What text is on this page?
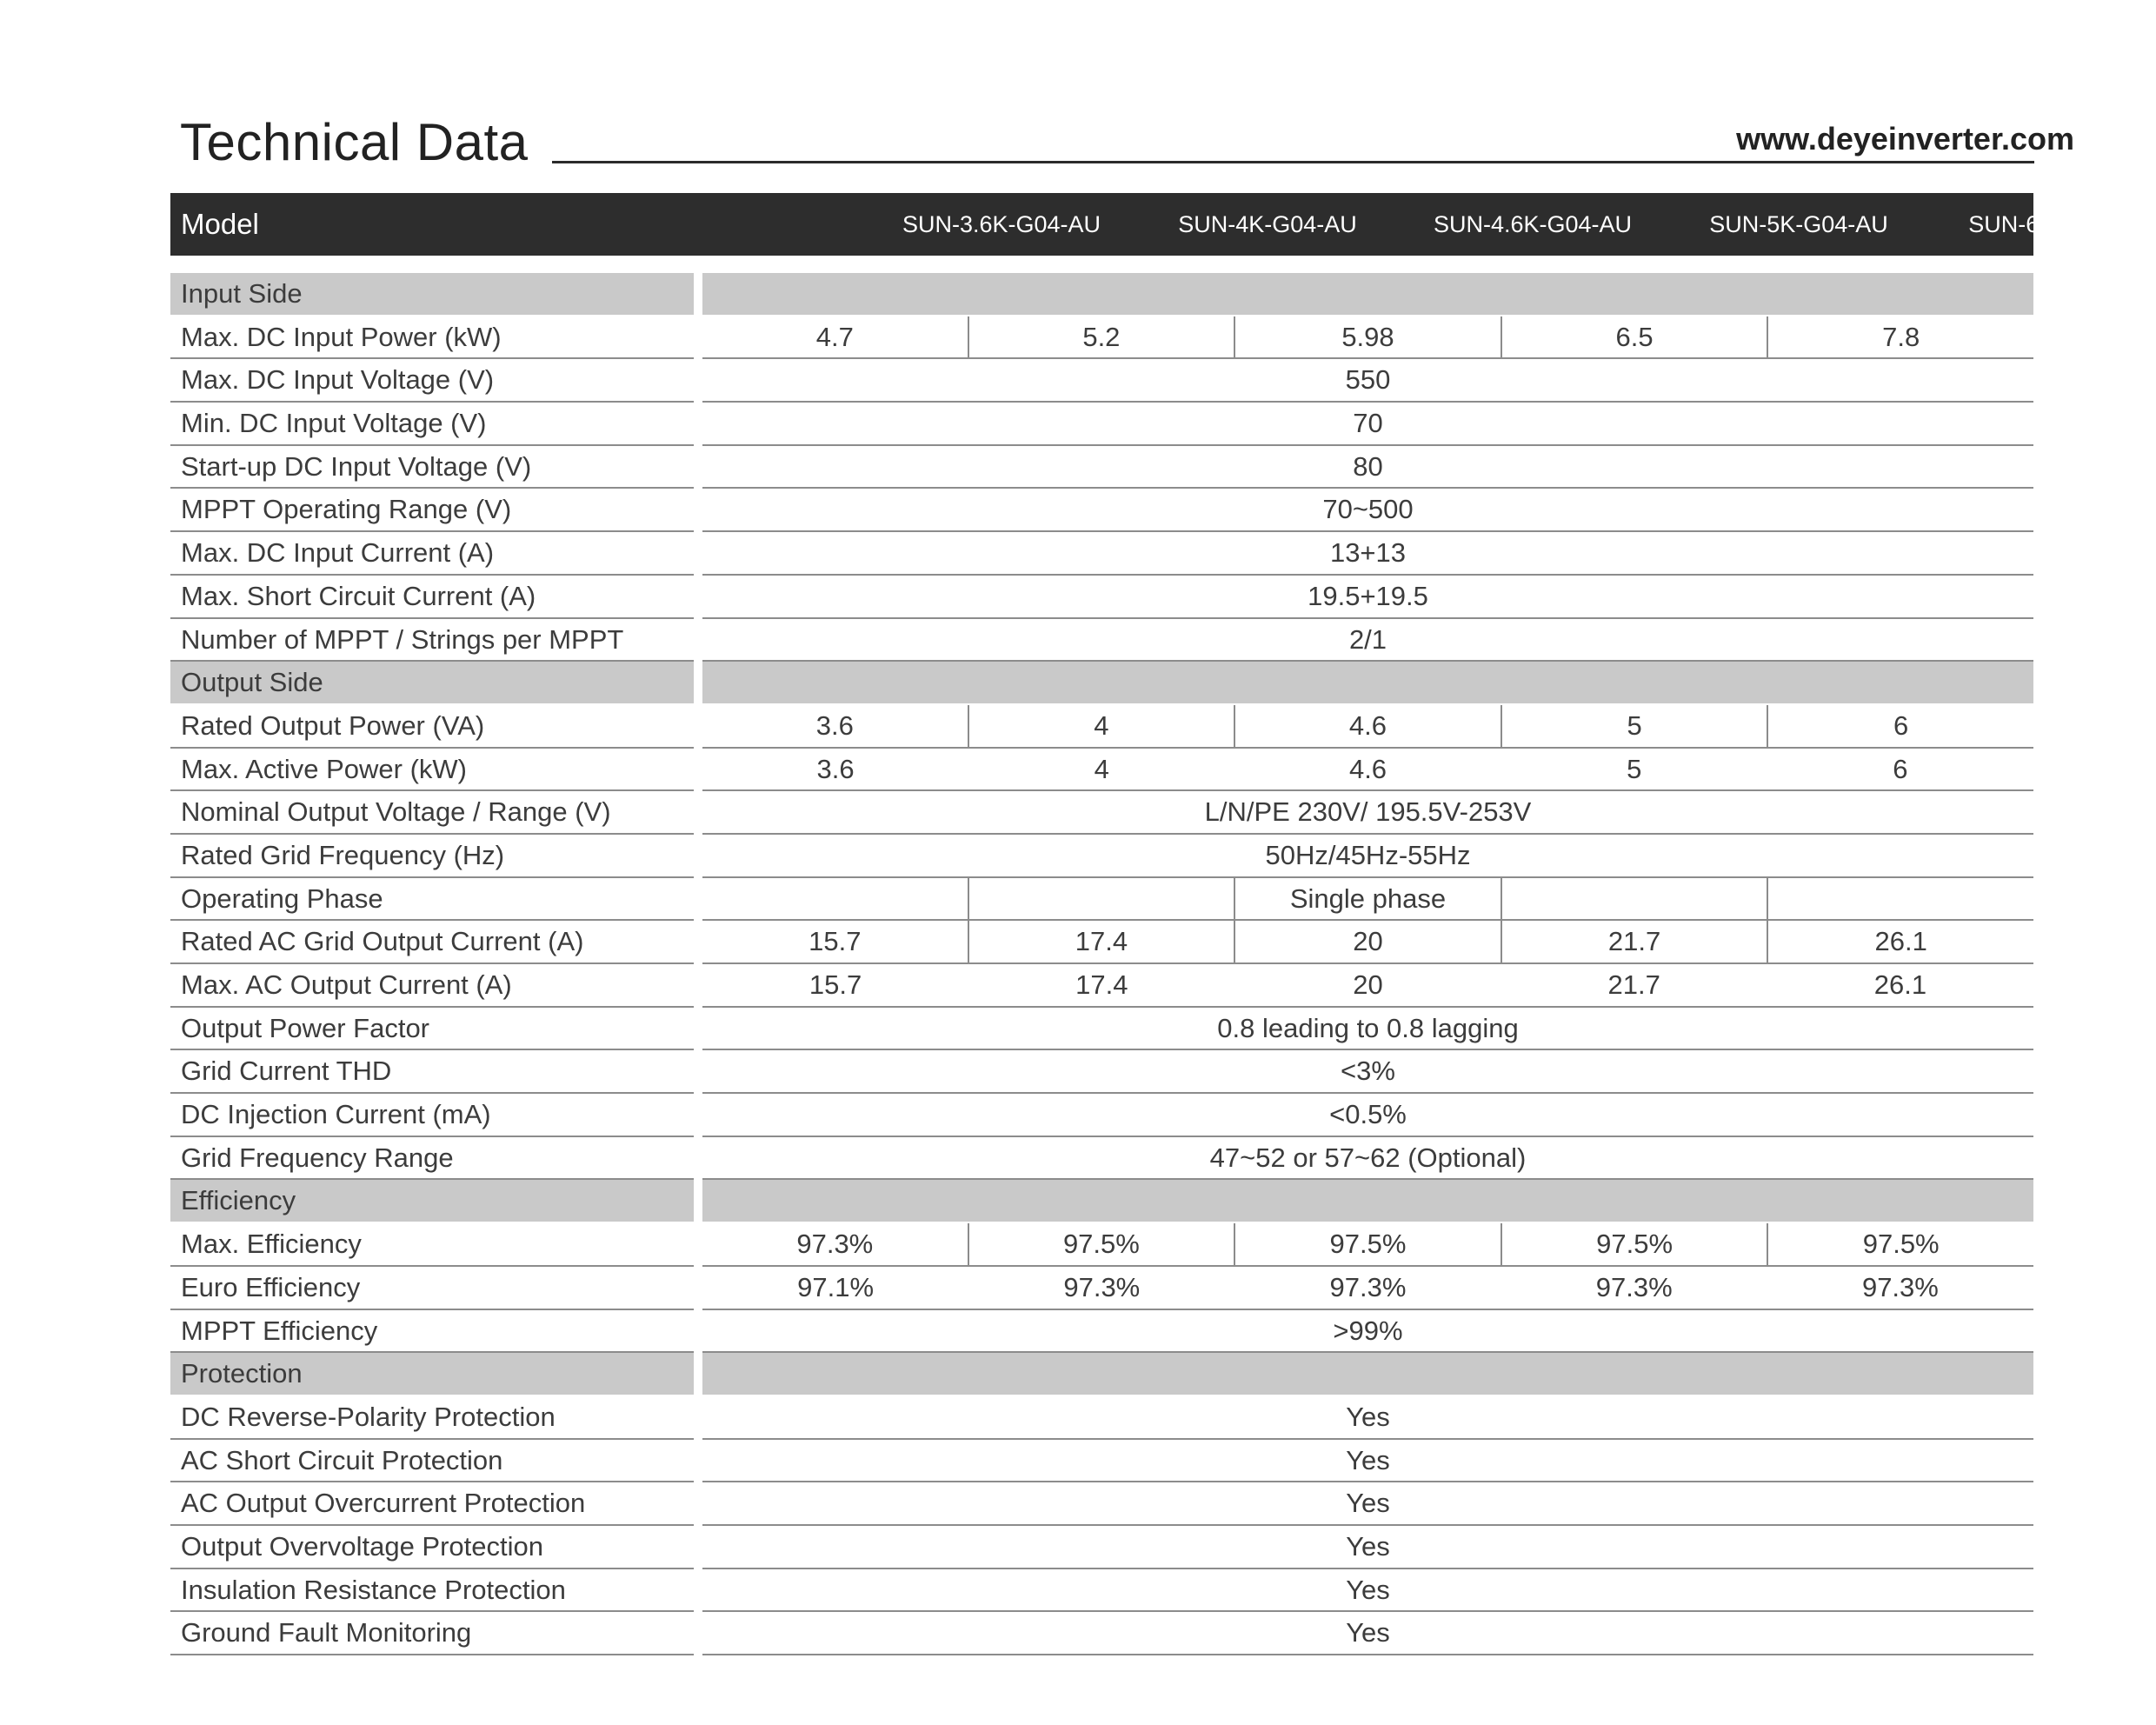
Technical Data	www.deyeinverter.com
Model	SUN-3.6K-G04-AU	SUN-4K-G04-AU	SUN-4.6K-G04-AU	SUN-5K-G04-AU	SUN-6K-G04-AU
Input Side
Max. DC Input Power (kW)	4.7	5.2	5.98	6.5	7.8
Max. DC Input Voltage (V)	550
Min. DC Input Voltage (V)	70
Start-up DC Input Voltage (V)	80
MPPT Operating Range (V)	70~500
Max. DC Input Current (A)	13+13
Max. Short Circuit Current (A)	19.5+19.5
Number of MPPT / Strings per MPPT	2/1
Output Side
Rated Output Power (VA)	3.6	4	4.6	5	6
Max. Active Power (kW)	3.6	4	4.6	5	6
Nominal Output Voltage / Range (V)	L/N/PE 230V/ 195.5V-253V
Rated Grid Frequency (Hz)	50Hz/45Hz-55Hz
Operating Phase	Single phase
Rated AC Grid Output Current (A)	15.7	17.4	20	21.7	26.1
Max. AC Output Current (A)	15.7	17.4	20	21.7	26.1
Output Power Factor	0.8 leading to 0.8 lagging
Grid Current THD	<3%
DC Injection Current (mA)	<0.5%
Grid Frequency Range	47~52 or 57~62 (Optional)
Efficiency
Max. Efficiency	97.3%	97.5%	97.5%	97.5%	97.5%
Euro Efficiency	97.1%	97.3%	97.3%	97.3%	97.3%
MPPT Efficiency	>99%
Protection
DC Reverse-Polarity Protection	Yes
AC Short Circuit Protection	Yes
AC Output Overcurrent Protection	Yes
Output Overvoltage Protection	Yes
Insulation Resistance Protection	Yes
Ground Fault Monitoring	Yes
